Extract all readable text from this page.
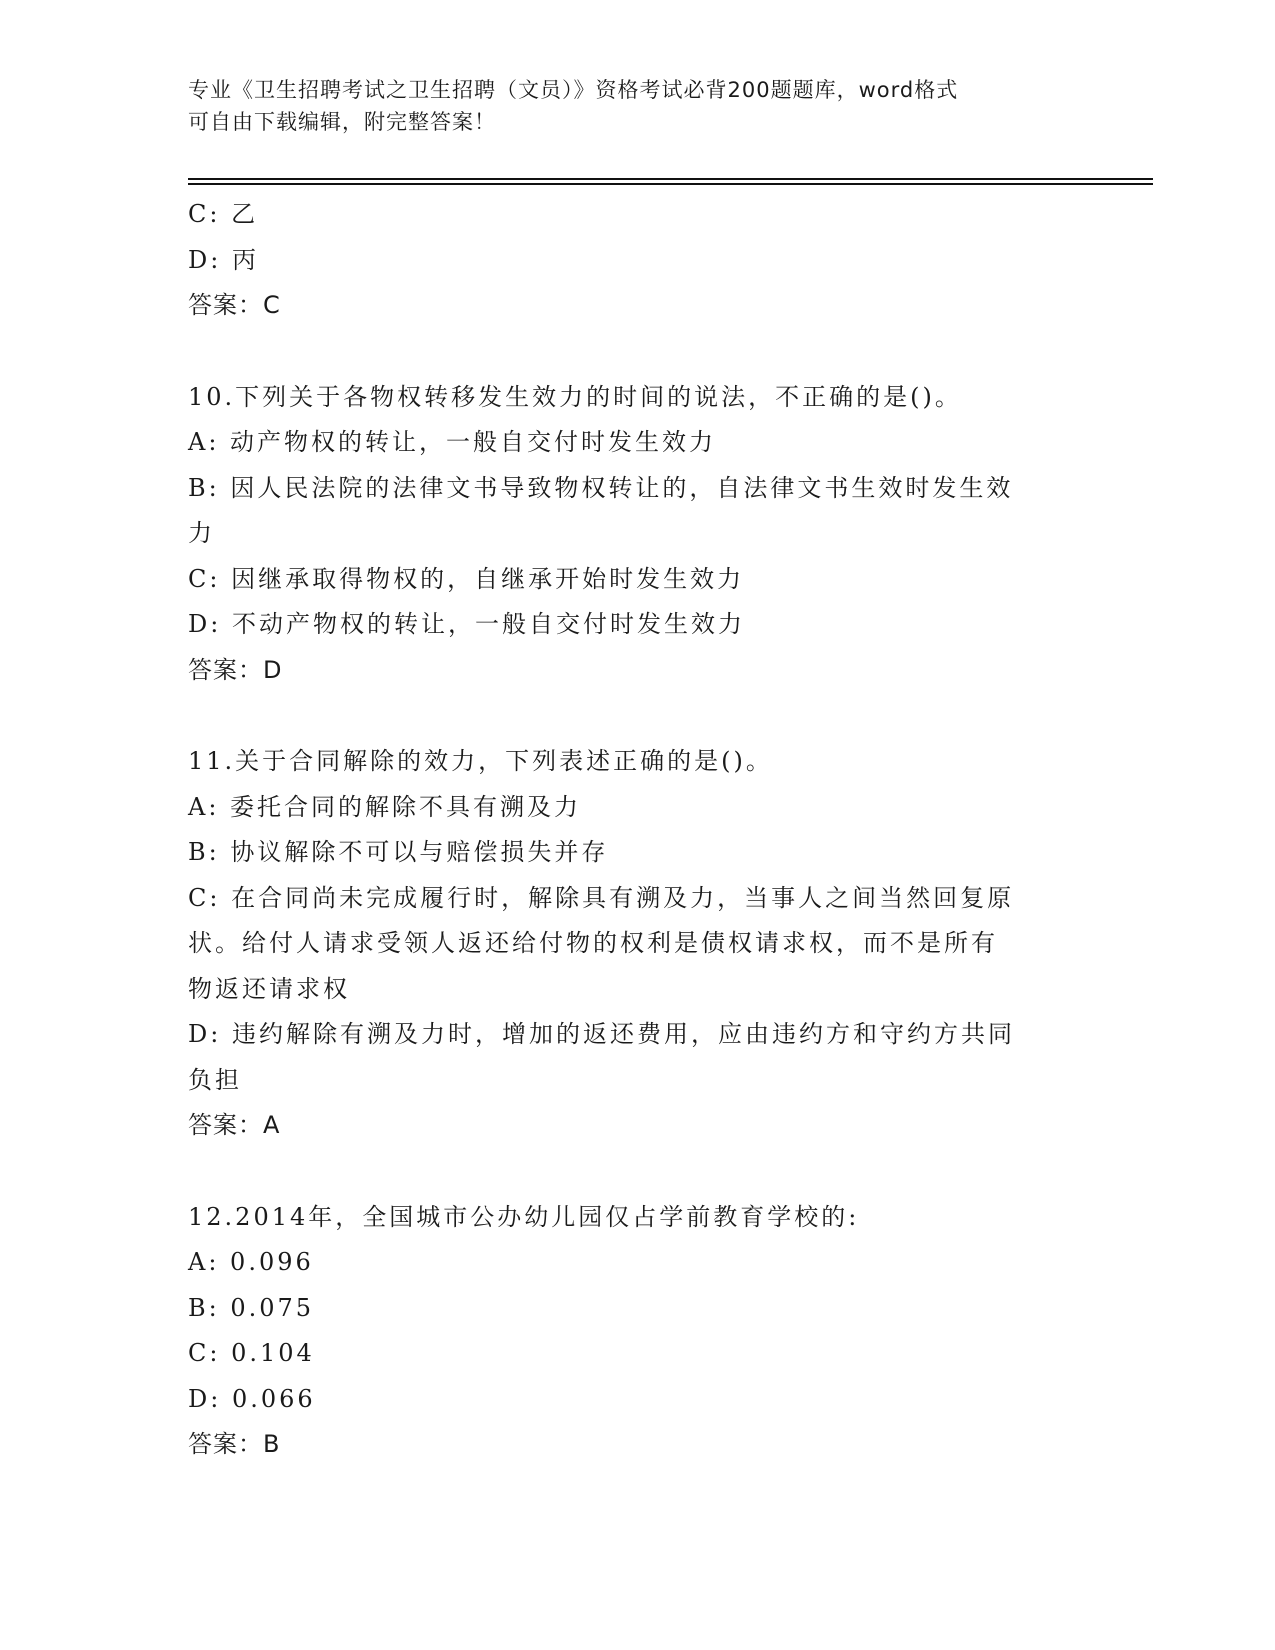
专业《卫生招聘考试之卫生招聘（文员）》资格考试必背200题题库，word格式
可自由下载编辑，附完整答案！
C: 乙
D: 丙
答案：C
10.下列关于各物权转移发生效力的时间的说法，不正确的是()。
A: 动产物权的转让，一般自交付时发生效力
B: 因人民法院的法律文书导致物权转让的，自法律文书生效时发生效
力
C: 因继承取得物权的，自继承开始时发生效力
D: 不动产物权的转让，一般自交付时发生效力
答案：D
11.关于合同解除的效力，下列表述正确的是()。
A: 委托合同的解除不具有溯及力
B: 协议解除不可以与赔偿损失并存
C: 在合同尚未完成履行时，解除具有溯及力，当事人之间当然回复原
状。给付人请求受领人返还给付物的权利是债权请求权，而不是所有
物返还请求权
D: 违约解除有溯及力时，增加的返还费用，应由违约方和守约方共同
负担
答案：A
12.2014年，全国城市公办幼儿园仅占学前教育学校的:
A: 0.096
B: 0.075
C: 0.104
D: 0.066
答案：B
